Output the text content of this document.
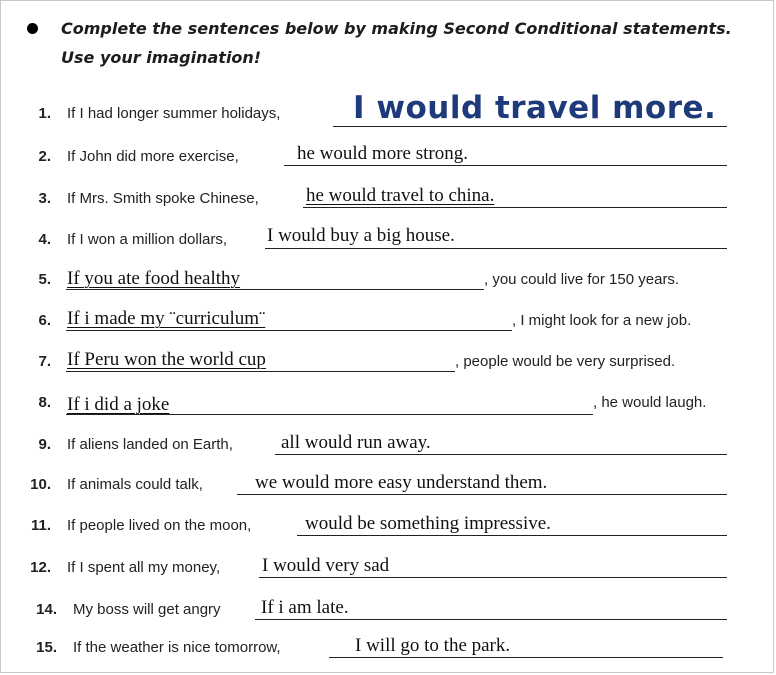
Complete the sentences below by making Second Conditional statements. Use your imagination!
1. If I had longer summer holidays, I would travel more.
2. If John did more exercise,	he would more strong.
3. If Mrs. Smith spoke Chinese, he would travel to china.
4. If I won a million dollars, I would buy a big house.
5. If you ate food healthy	, you could live for 150 years.
6. If i made my ¨curriculum¨	, I might look for a new job.
7. If Peru won the world cup	, people would be very surprised.
8. If i did a joke	, he would laugh.
9. If aliens landed on Earth,	all would run away.
10. If animals could talk,	we would more easy understand them.
11. If people lived on the moon,	would be something impressive.
12. If I spent all my money, I would very sad
14. My boss will get angry If i am late.
15. If the weather is nice tomorrow,	I will go to the park.
